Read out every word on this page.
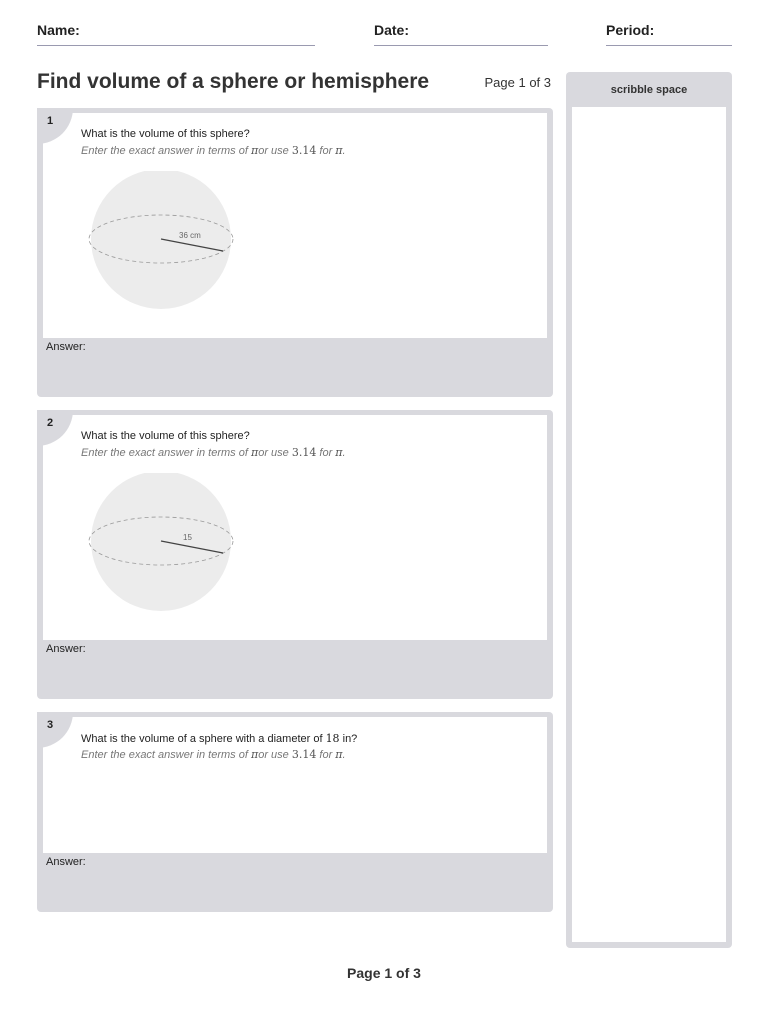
Name:	Date:	Period:
Find volume of a sphere or hemisphere	Page 1 of 3
What is the volume of this sphere?
Enter the exact answer in terms of πor use 3.14 for π.
36 cm
1
Answer:
What is the volume of this sphere?
Enter the exact answer in terms of πor use 3.14 for π.
15
2
Answer:
What is the volume of a sphere with a diameter of 18 in?
Enter the exact answer in terms of πor use 3.14 for π.
3
Answer:
scribble space
Page 1 of 3
